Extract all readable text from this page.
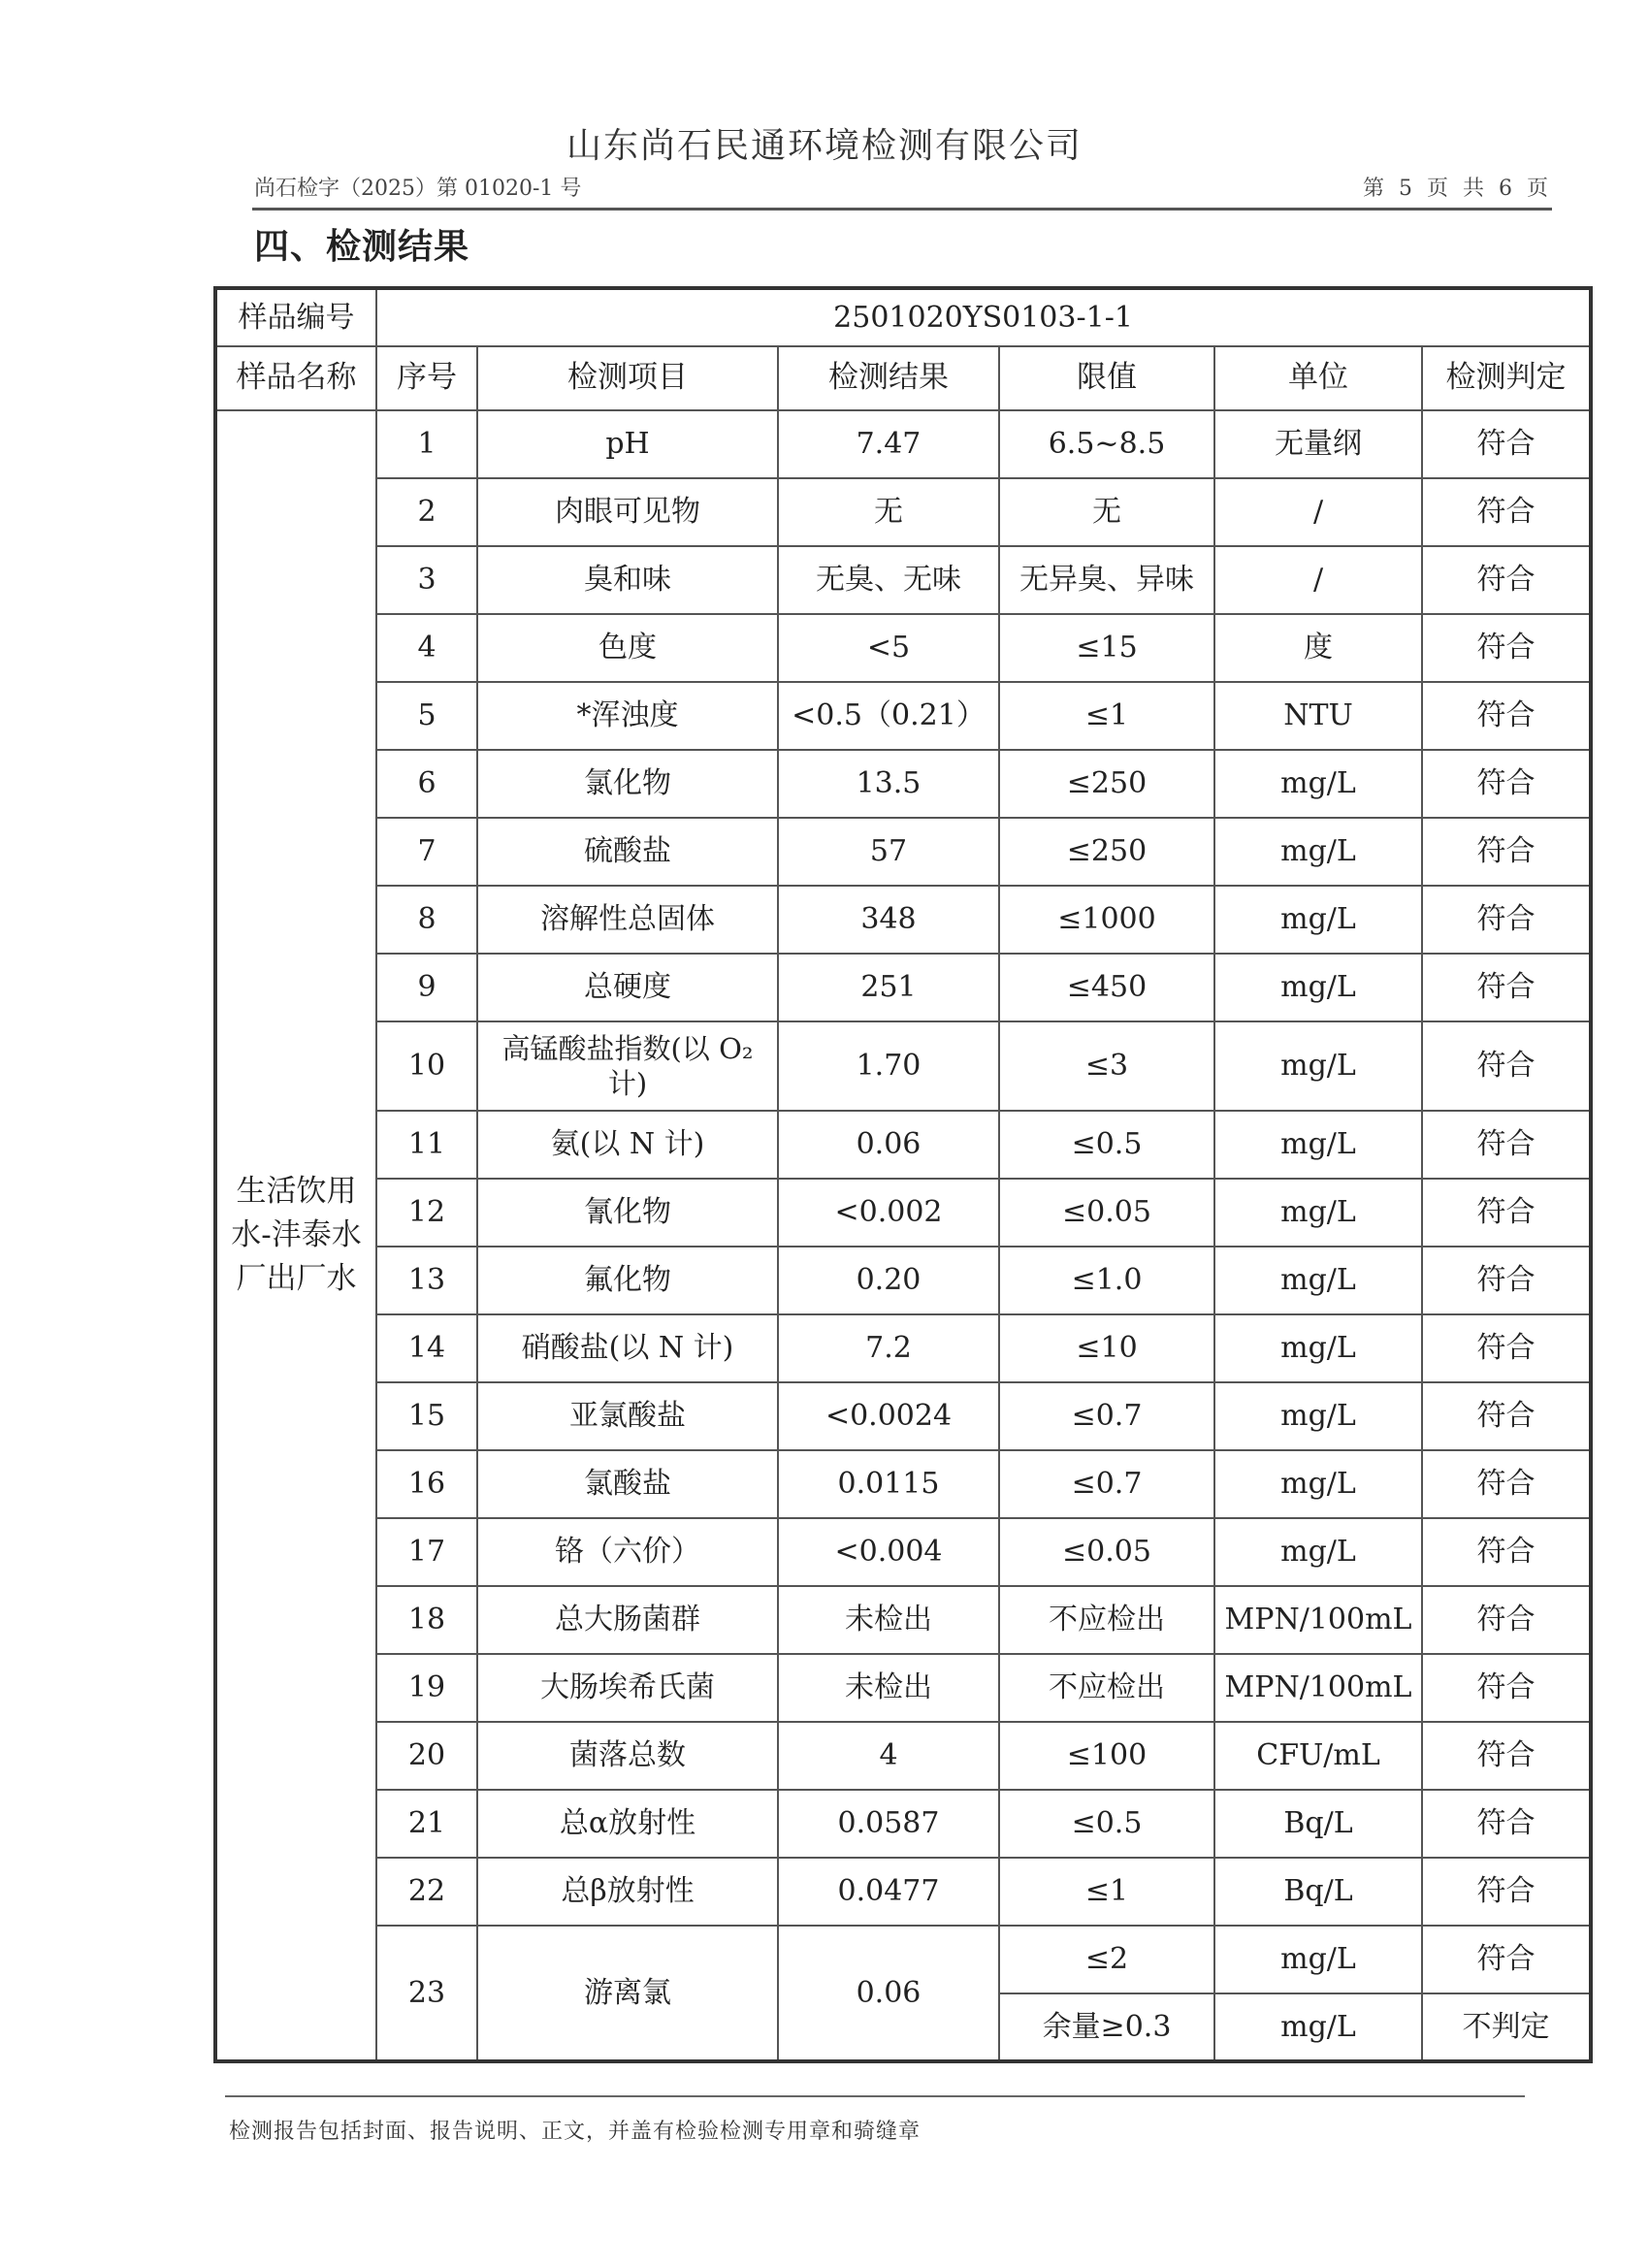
山东尚石民通环境检测有限公司
尚石检字（2025）第 01020-1 号	第 5 页 共 6 页
四、检测结果
样品编号	2501020YS0103-1-1					
样品名称	序号	检测项目	检测结果	限值	单位	检测判定
生活饮用水-沣泰水厂出厂水	1	pH	7.47	6.5~8.5	无量纲	符合
	2	肉眼可见物	无	无	/	符合
	3	臭和味	无臭、无味	无异臭、异味	/	符合
	4	色度	<5	≤15	度	符合
	5	*浑浊度	<0.5（0.21）	≤1	NTU	符合
	6	氯化物	13.5	≤250	mg/L	符合
	7	硫酸盐	57	≤250	mg/L	符合
	8	溶解性总固体	348	≤1000	mg/L	符合
	9	总硬度	251	≤450	mg/L	符合
	10	高锰酸盐指数(以 O₂ 计)	1.70	≤3	mg/L	符合
	11	氨(以 N 计)	0.06	≤0.5	mg/L	符合
	12	氰化物	<0.002	≤0.05	mg/L	符合
	13	氟化物	0.20	≤1.0	mg/L	符合
	14	硝酸盐(以 N 计)	7.2	≤10	mg/L	符合
	15	亚氯酸盐	<0.0024	≤0.7	mg/L	符合
	16	氯酸盐	0.0115	≤0.7	mg/L	符合
	17	铬（六价）	<0.004	≤0.05	mg/L	符合
	18	总大肠菌群	未检出	不应检出	MPN/100mL	符合
	19	大肠埃希氏菌	未检出	不应检出	MPN/100mL	符合
	20	菌落总数	4	≤100	CFU/mL	符合
	21	总α放射性	0.0587	≤0.5	Bq/L	符合
	22	总β放射性	0.0477	≤1	Bq/L	符合
	23	游离氯	0.06	≤2	mg/L	符合
				余量≥0.3	mg/L	不判定
检测报告包括封面、报告说明、正文，并盖有检验检测专用章和骑缝章
